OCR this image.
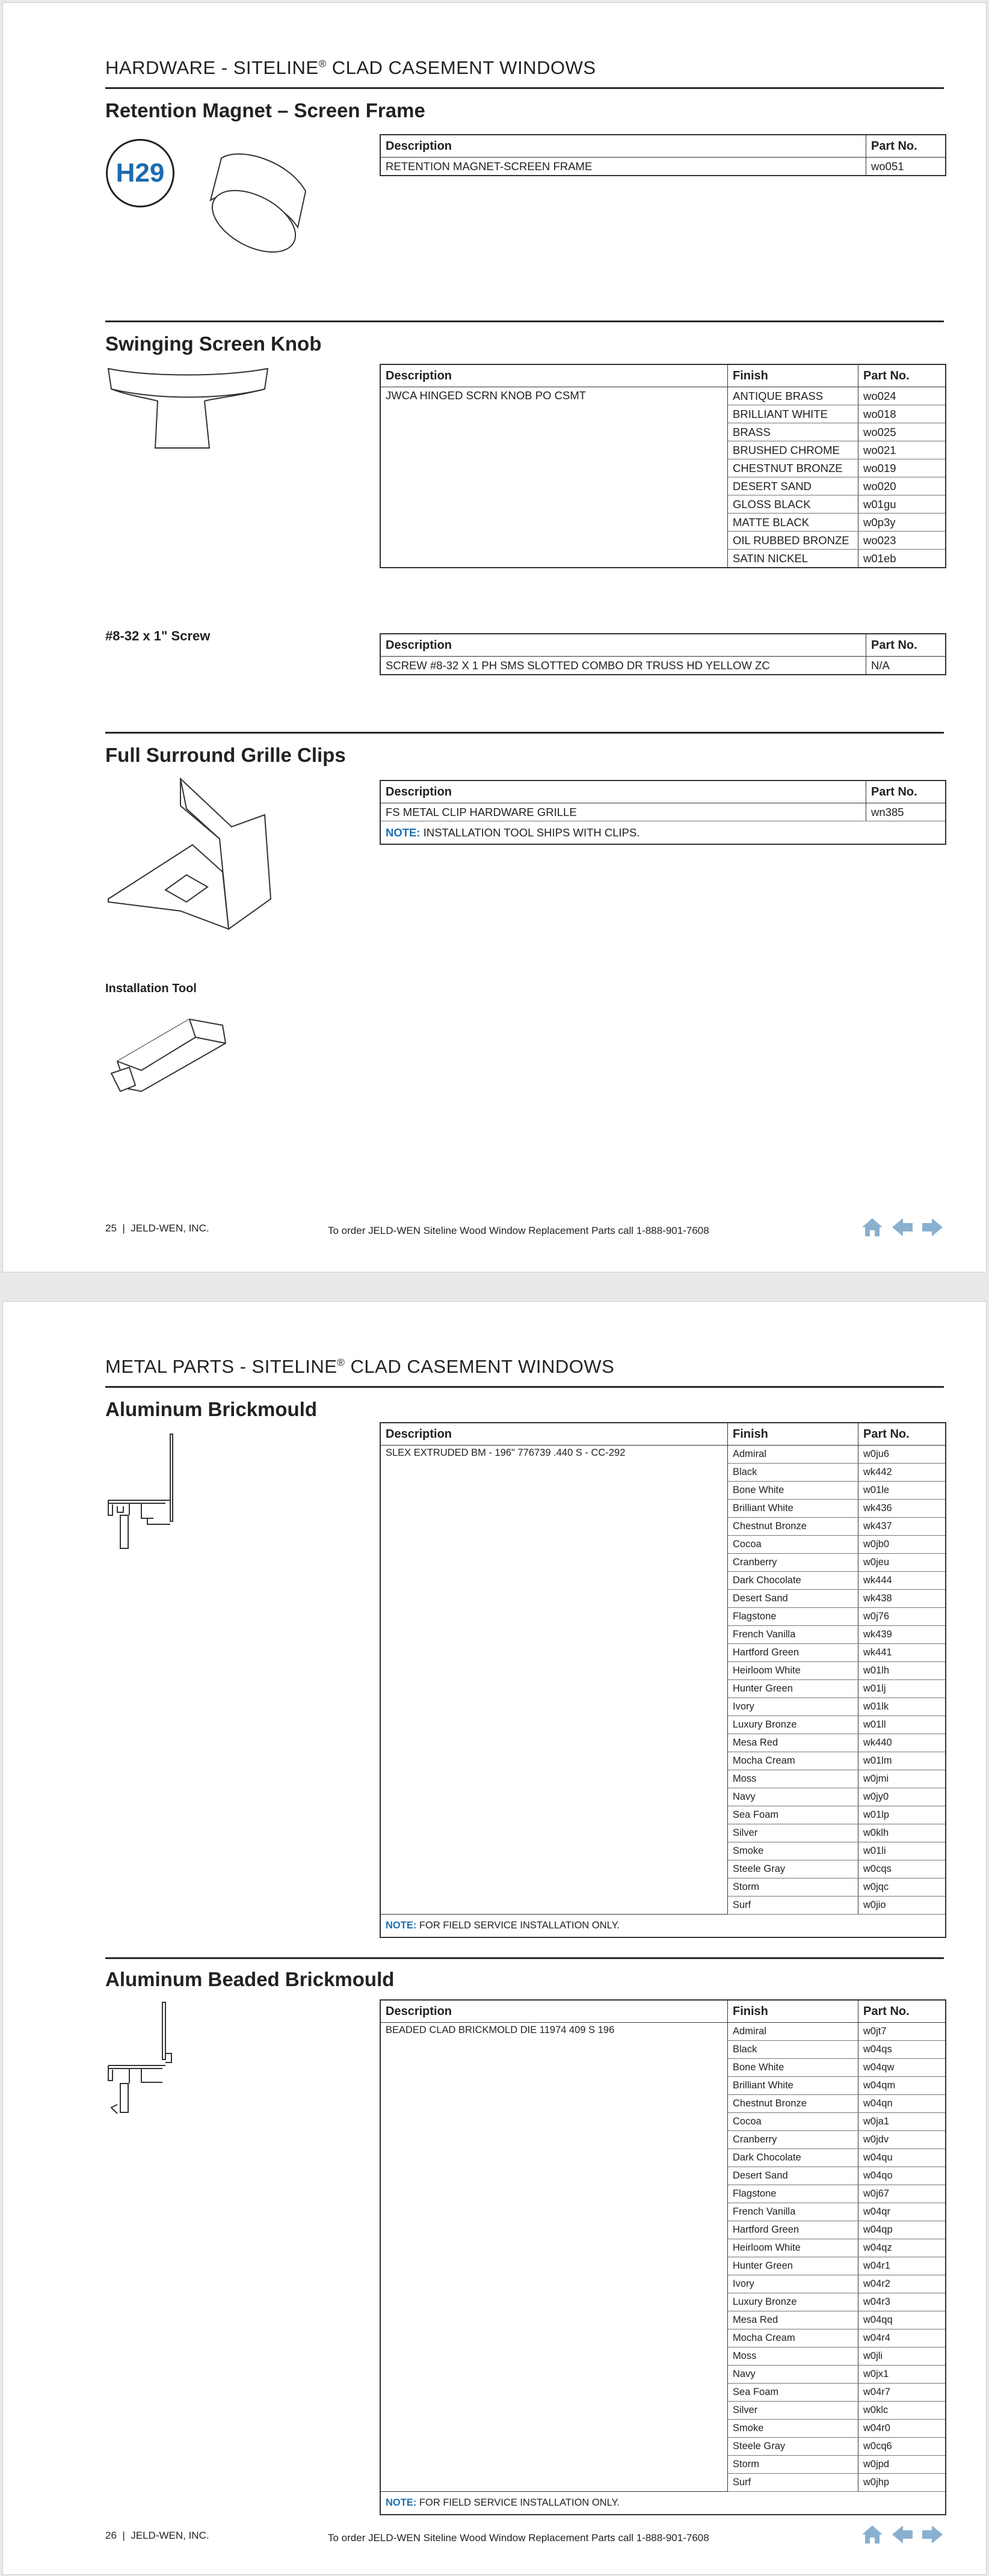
HARDWARE - SITELINE® CLAD CASEMENT WINDOWS
Retention Magnet – Screen Frame
H29
Description	Part No.
RETENTION MAGNET-SCREEN FRAME	wo051
Swinging Screen Knob
Description	Finish	Part No.
JWCA HINGED SCRN KNOB PO CSMT	ANTIQUE BRASS	wo024
	BRILLIANT WHITE	wo018
	BRASS	wo025
	BRUSHED CHROME	wo021
	CHESTNUT BRONZE	wo019
	DESERT SAND	wo020
	GLOSS BLACK	w01gu
	MATTE BLACK	w0p3y
	OIL RUBBED BRONZE	wo023
	SATIN NICKEL	w01eb
#8-32 x 1" Screw
Description	Part No.
SCREW #8-32 X 1 PH SMS SLOTTED COMBO DR TRUSS HD YELLOW ZC	N/A
Full Surround Grille Clips
Description	Part No.
FS METAL CLIP HARDWARE GRILLE	wn385
NOTE: INSTALLATION TOOL SHIPS WITH CLIPS.	
Installation Tool
25 | JELD-WEN, INC.	To order JELD-WEN Siteline Wood Window Replacement Parts call 1-888-901-7608
METAL PARTS - SITELINE® CLAD CASEMENT WINDOWS
Aluminum Brickmould
Description	Finish	Part No.
SLEX EXTRUDED BM - 196" 776739 .440 S - CC-292	Admiral	w0ju6
	Black	wk442
	Bone White	w01le
	Brilliant White	wk436
	Chestnut Bronze	wk437
	Cocoa	w0jb0
	Cranberry	w0jeu
	Dark Chocolate	wk444
	Desert Sand	wk438
	Flagstone	w0j76
	French Vanilla	wk439
	Hartford Green	wk441
	Heirloom White	w01lh
	Hunter Green	w01lj
	Ivory	w01lk
	Luxury Bronze	w01ll
	Mesa Red	wk440
	Mocha Cream	w01lm
	Moss	w0jmi
	Navy	w0jy0
	Sea Foam	w01lp
	Silver	w0klh
	Smoke	w01li
	Steele Gray	w0cqs
	Storm	w0jqc
	Surf	w0jio
NOTE: FOR FIELD SERVICE INSTALLATION ONLY.		
Aluminum Beaded Brickmould
Description	Finish	Part No.
BEADED CLAD BRICKMOLD DIE 11974 409 S 196	Admiral	w0jt7
	Black	w04qs
	Bone White	w04qw
	Brilliant White	w04qm
	Chestnut Bronze	w04qn
	Cocoa	w0ja1
	Cranberry	w0jdv
	Dark Chocolate	w04qu
	Desert Sand	w04qo
	Flagstone	w0j67
	French Vanilla	w04qr
	Hartford Green	w04qp
	Heirloom White	w04qz
	Hunter Green	w04r1
	Ivory	w04r2
	Luxury Bronze	w04r3
	Mesa Red	w04qq
	Mocha Cream	w04r4
	Moss	w0jli
	Navy	w0jx1
	Sea Foam	w04r7
	Silver	w0klc
	Smoke	w04r0
	Steele Gray	w0cq6
	Storm	w0jpd
	Surf	w0jhp
NOTE: FOR FIELD SERVICE INSTALLATION ONLY.		
26 | JELD-WEN, INC.	To order JELD-WEN Siteline Wood Window Replacement Parts call 1-888-901-7608
